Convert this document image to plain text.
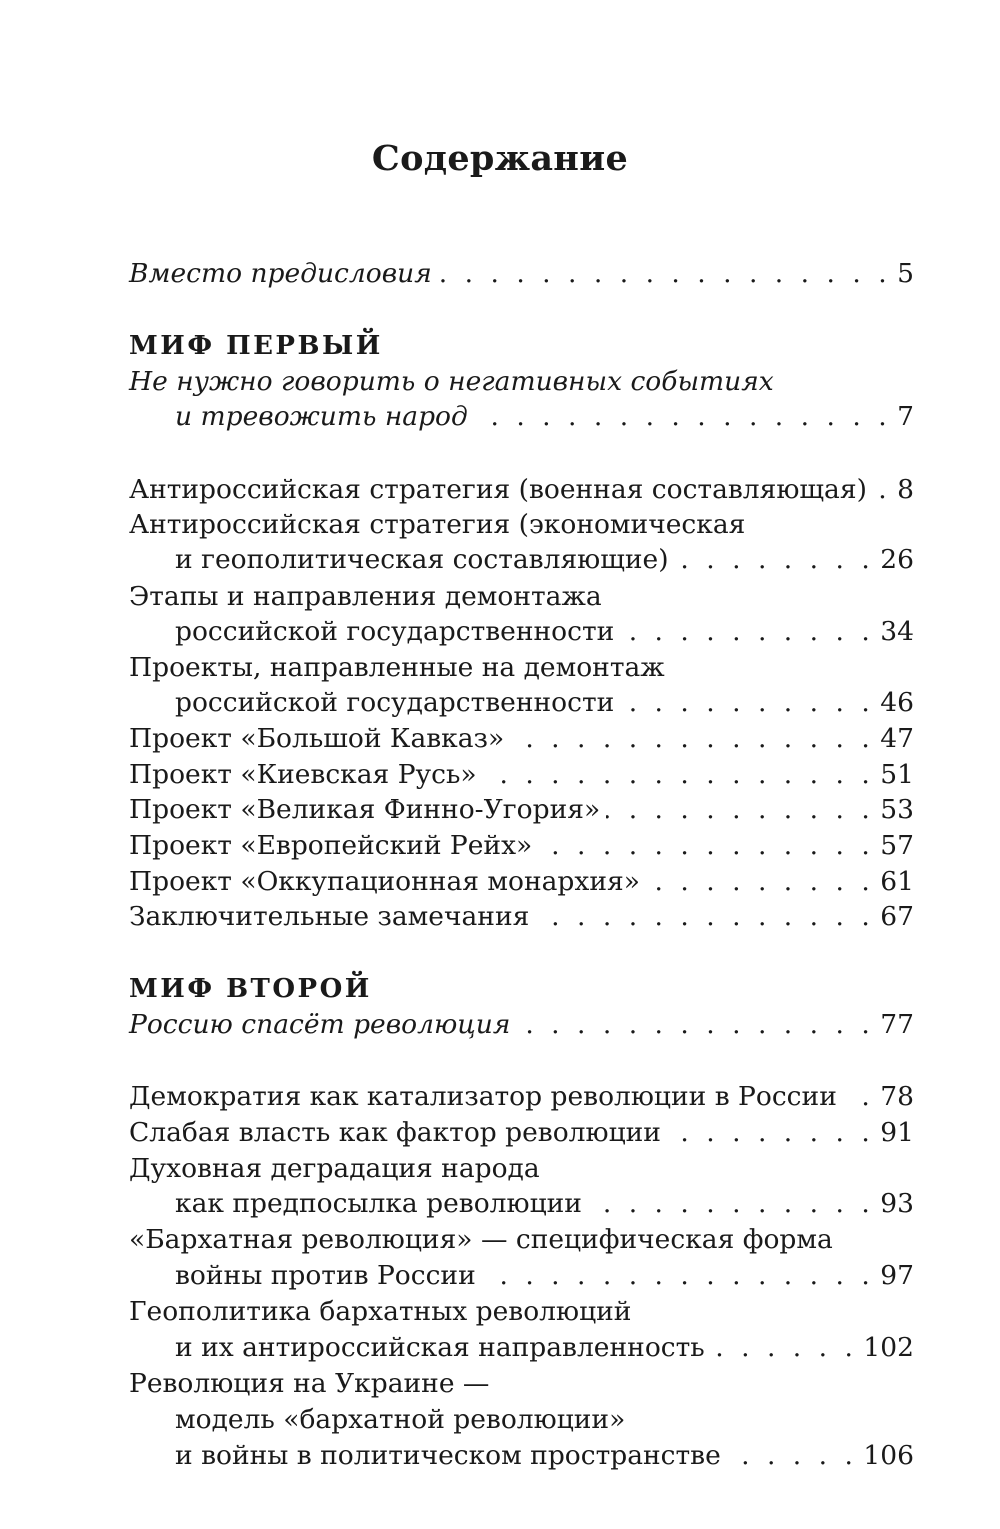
Содержание
Вместо предисловия . . .	5
МИФ ПЕРВЫЙ
Не нужно говорить о негативных событиях
и тревожить народ . . .	7
Антироссийская стратегия (военная составляющая) . . . 8
Антироссийская стратегия (экономическая
и геополитическая составляющие) . . .	26
Этапы и направления демонтажа
российской государственности . . .	34
Проекты, направленные на демонтаж
российской государственности . . .	46
Проект «Большой Кавказ» . . .	47
Проект «Киевская Русь» . . .	51
Проект «Великая Финно-Угория» . . .	53
Проект «Европейский Рейх» . . .	57
Проект «Оккупационная монархия» . . .	61
Заключительные замечания . . .	67
МИФ ВТОРОЙ
Россию спасёт революция . . .	77
Демократия как катализатор революции в России . . . 78
Слабая власть как фактор революции . . .	91
Духовная деградация народа
как предпосылка революции . . .	93
«Бархатная революция» — специфическая форма
войны против России . . .	97
Геополитика бархатных революций
и их антироссийская направленность . . .	102
Революция на Украине —
модель «бархатной революции»
и войны в политическом пространстве . . .	106
